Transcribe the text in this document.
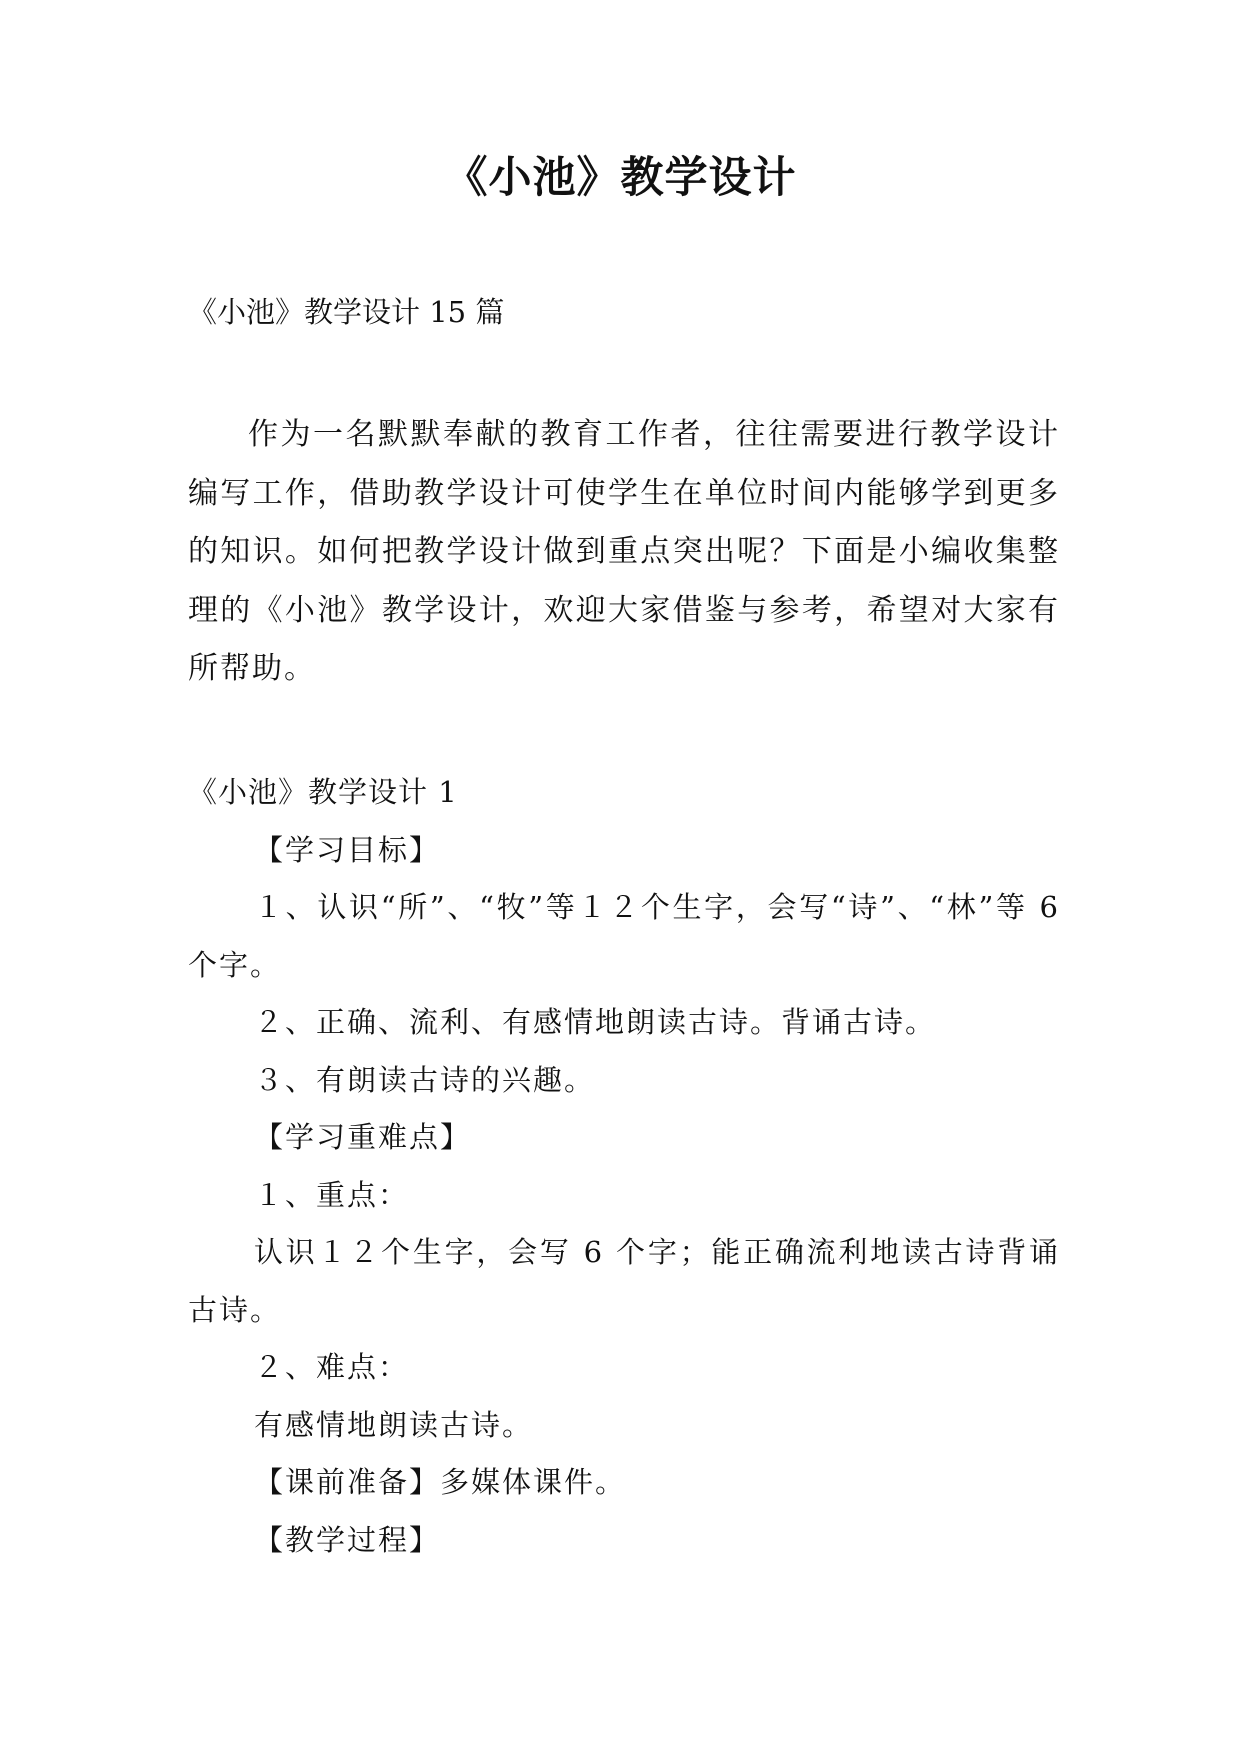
《小池》教学设计
《小池》教学设计 15 篇

作为一名默默奉献的教育工作者，往往需要进行教学设计编写工作，借助教学设计可使学生在单位时间内能够学到更多的知识。如何把教学设计做到重点突出呢？下面是小编收集整理的《小池》教学设计，欢迎大家借鉴与参考，希望对大家有所帮助。

《小池》教学设计 1

【学习目标】

１、认识“所”、“牧”等１２个生字，会写“诗”、“林”等 6 个字。

２、正确、流利、有感情地朗读古诗。背诵古诗。

３、有朗读古诗的兴趣。

【学习重难点】

１、重点：

认识１２个生字，会写 6 个字；能正确流利地读古诗背诵古诗。

２、难点：

有感情地朗读古诗。

【课前准备】多媒体课件。

【教学过程】
